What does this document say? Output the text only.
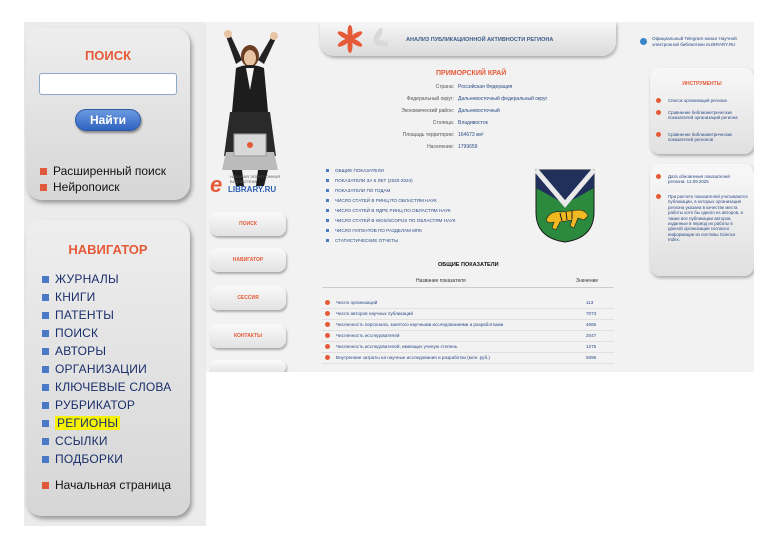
ПОИСК
Найти
Расширенный поиск
Нейропоиск
НАВИГАТОР
ЖУРНАЛЫ
КНИГИ
ПАТЕНТЫ
ПОИСК
АВТОРЫ
ОРГАНИЗАЦИИ
КЛЮЧЕВЫЕ СЛОВА
РУБРИКАТОР
РЕГИОНЫ
ССЫЛКИ
ПОДБОРКИ
Начальная страница
e НАУЧНАЯ ЭЛЕКТРОННАЯ БИБЛИОТЕКА
LIBRARY.RU
ПОИСК
НАВИГАТОР
СЕССИЯ
КОНТАКТЫ
АНАЛИЗ ПУБЛИКАЦИОННОЙ АКТИВНОСТИ РЕГИОНА
ПРИМОРСКИЙ КРАЙ
Страна: Российская Федерация
Федеральный округ: Дальневосточный федеральный округ
Экономический район: Дальневосточный
Столица: Владивосток
Площадь территории: 164673 км²
Население: 1799659
ОБЩИЕ ПОКАЗАТЕЛИ
ПОКАЗАТЕЛИ ЗА 5 ЛЕТ (2020-2024)
ПОКАЗАТЕЛИ ПО ГОДАМ
ЧИСЛО СТАТЕЙ В РИНЦ ПО ОБЛАСТЯМ НАУК
ЧИСЛО СТАТЕЙ В ЯДРЕ РИНЦ ПО ОБЛАСТЯМ НАУК
ЧИСЛО СТАТЕЙ В WOS/SCOPUS ПО ОБЛАСТЯМ НАУК
ЧИСЛО ПАТЕНТОВ ПО РАЗДЕЛАМ МПК
СТАТИСТИЧЕСКИЕ ОТЧЕТЫ
ОБЩИЕ ПОКАЗАТЕЛИ
Название показателя	Значение
Число организаций	113
Число авторов научных публикаций	7073
Численность персонала, занятого научными исследованиями и разработками	4666
Численность исследователей	2047
Численность исследователей, имеющих ученую степень	1275
Внутренние затраты на научные исследования и разработки (млн. руб.)	9396
Официальный Telegram-канал Научной электронной библиотеки eLIBRARY.RU
ИНСТРУМЕНТЫ
Список организаций региона
Сравнение библиометрических показателей организаций региона
Сравнение библиометрических показателей регионов
Дата обновления показателей региона: 12.09.2025
При расчете показателей учитываются публикации, в которых организация региона указана в качестве места работы хотя бы одного из авторов, а также все публикации авторов, изданные в период их работы в данной организации согласно информации из системы Science Index.
